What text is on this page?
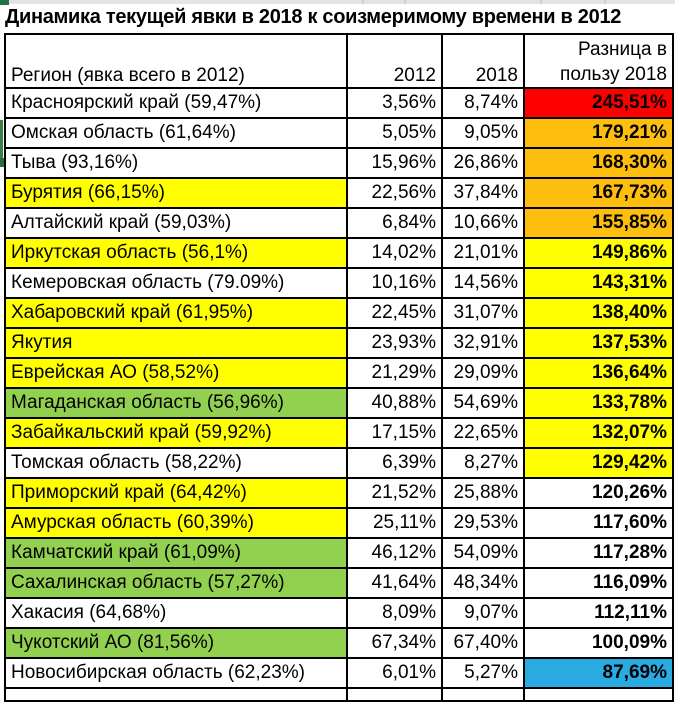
Динамика текущей явки в 2018 к соизмеримому времени в 2012
Регион (явка всего в 2012)	2012	2018	Разница в
пользу 2018

Красноярский край (59,47%)	3,56%	8,74%	245,51%
Омская область (61,64%)	5,05%	9,05%	179,21%
Тыва (93,16%)	15,96%	26,86%	168,30%
Бурятия (66,15%)	22,56%	37,84%	167,73%
Алтайский край (59,03%)	6,84%	10,66%	155,85%
Иркутская область (56,1%)	14,02%	21,01%	149,86%
Кемеровская область (79.09%)	10,16%	14,56%	143,31%
Хабаровский край (61,95%)	22,45%	31,07%	138,40%
Якутия	23,93%	32,91%	137,53%
Еврейская АО (58,52%)	21,29%	29,09%	136,64%
Магаданская область (56,96%)	40,88%	54,69%	133,78%
Забайкальский край (59,92%)	17,15%	22,65%	132,07%
Томская область (58,22%)	6,39%	8,27%	129,42%
Приморский край (64,42%)	21,52%	25,88%	120,26%
Амурская область (60,39%)	25,11%	29,53%	117,60%
Камчатский край (61,09%)	46,12%	54,09%	117,28%
Сахалинская область (57,27%)	41,64%	48,34%	116,09%
Хакасия (64,68%)	8,09%	9,07%	112,11%
Чукотский АО (81,56%)	67,34%	67,40%	100,09%
Новосибирская область (62,23%)	6,01%	5,27%	87,69%
